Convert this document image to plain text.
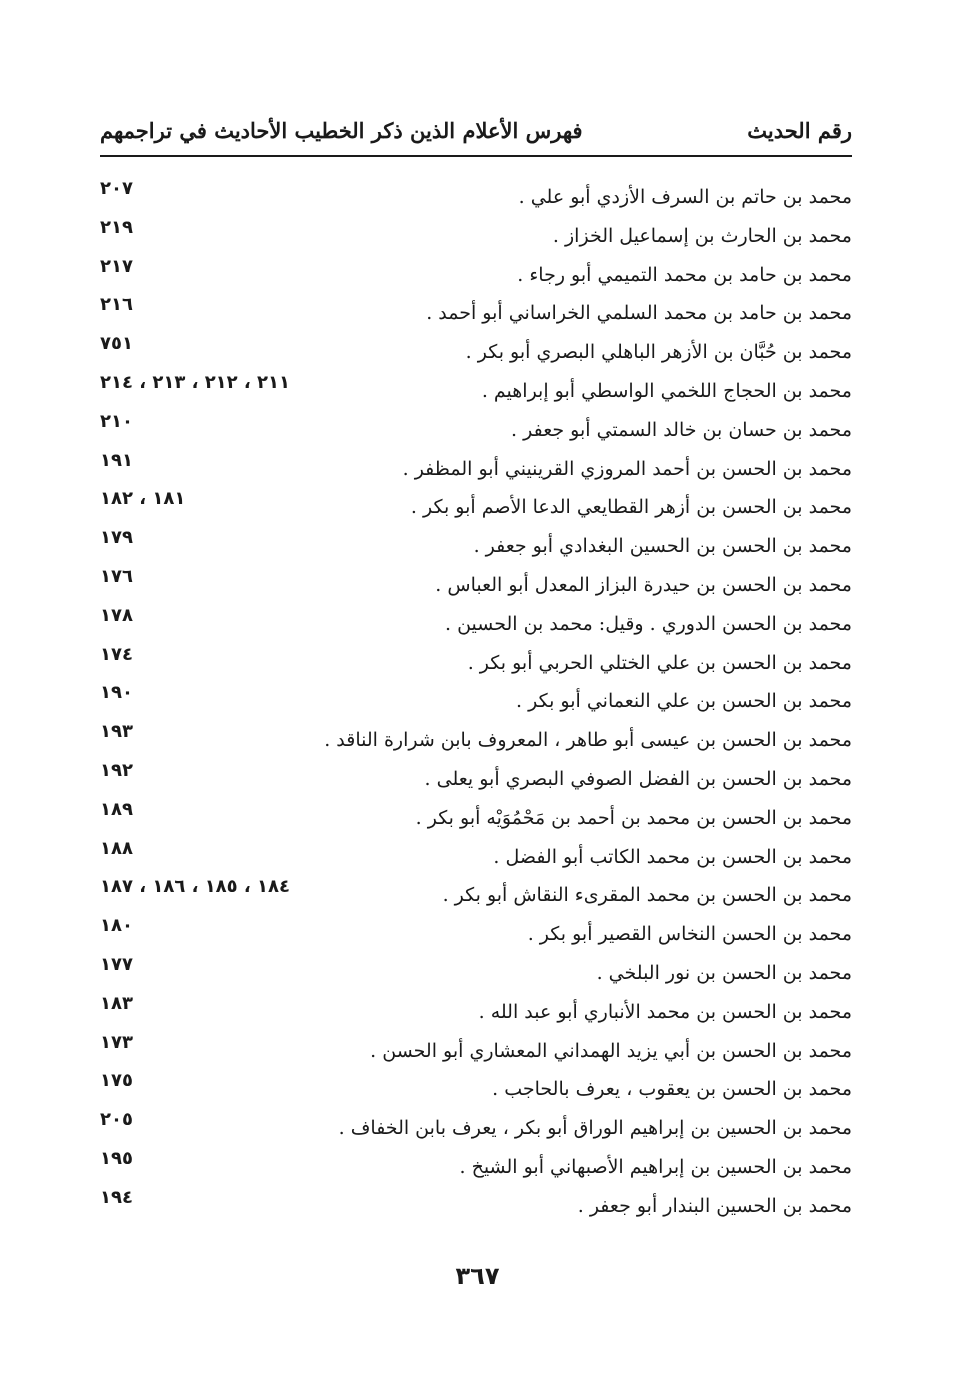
فهرس الأعلام الذين ذكر الخطيب الأحاديث في تراجمهم	رقم الحديث
٢٠٧	محمد بن حاتم بن السرف الأزدي أبو علي .
٢١٩	محمد بن الحارث بن إسماعيل الخزاز .
٢١٧	محمد بن حامد بن محمد التميمي أبو رجاء .
٢١٦	محمد بن حامد بن محمد السلمي الخراساني أبو أحمد .
٧٥١	محمد بن حُبَّان بن الأزهر الباهلي البصري أبو بكر .
٢١١ ، ٢١٢ ، ٢١٣ ، ٢١٤	محمد بن الحجاج اللخمي الواسطي أبو إبراهيم .
٢١٠	محمد بن حسان بن خالد السمتي أبو جعفر .
١٩١	محمد بن الحسن بن أحمد المروزي القرينيني أبو المظفر .
١٨١ ، ١٨٢	محمد بن الحسن بن أزهر القطايعي الدعا الأصم أبو بكر .
١٧٩	محمد بن الحسن بن الحسين البغدادي أبو جعفر .
١٧٦	محمد بن الحسن بن حيدرة البزاز المعدل أبو العباس .
١٧٨	محمد بن الحسن الدوري . وقيل: محمد بن الحسين .
١٧٤	محمد بن الحسن بن علي الختلي الحربي أبو بكر .
١٩٠	محمد بن الحسن بن علي النعماني أبو بكر .
١٩٣	محمد بن الحسن بن عيسى أبو طاهر ، المعروف بابن شرارة الناقد .
١٩٢	محمد بن الحسن بن الفضل الصوفي البصري أبو يعلى .
١٨٩	محمد بن الحسن بن محمد بن أحمد بن مَحْمُوَيْه أبو بكر .
١٨٨	محمد بن الحسن بن محمد الكاتب أبو الفضل .
١٨٤ ، ١٨٥ ، ١٨٦ ، ١٨٧	محمد بن الحسن بن محمد المقرىء النقاش أبو بكر .
١٨٠	محمد بن الحسن النخاس القصير أبو بكر .
١٧٧	محمد بن الحسن بن نور البلخي .
١٨٣	محمد بن الحسن بن محمد الأنباري أبو عبد الله .
١٧٣	محمد بن الحسن بن أبي يزيد الهمداني المعشاري أبو الحسن .
١٧٥	محمد بن الحسن بن يعقوب ، يعرف بالحاجب .
٢٠٥	محمد بن الحسين بن إبراهيم الوراق أبو بكر ، يعرف بابن الخفاف .
١٩٥	محمد بن الحسين بن إبراهيم الأصبهاني أبو الشيخ .
١٩٤	محمد بن الحسين البندار أبو جعفر .
٣٦٧
